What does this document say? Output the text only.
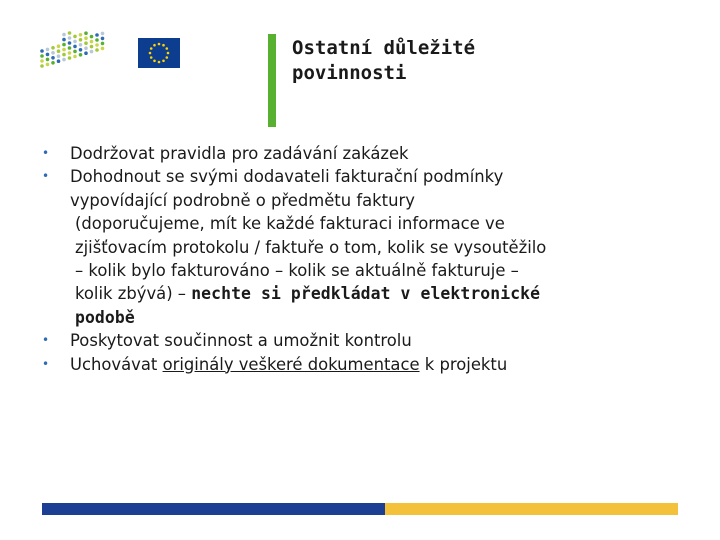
Ostatní důležité
povinnosti
• Dodržovat pravidla pro zadávání zakázek
• Dohodnout se svými dodavateli fakturační podmínky
vypovídající podrobně o předmětu faktury
(doporučujeme, mít ke každé fakturaci informace ve
zjišťovacím protokolu / faktuře o tom, kolik se vysoutěžilo
– kolik bylo fakturováno – kolik se aktuálně fakturuje –
kolik zbývá) – nechte si předkládat v elektronické
podobě
• Poskytovat součinnost a umožnit kontrolu
• Uchovávat originály veškeré dokumentace k projektu
